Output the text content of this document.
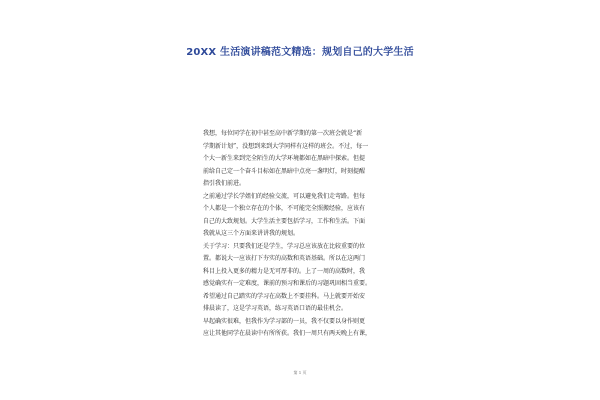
20XX 生活演讲稿范文精选：规划自己的大学生活
我想，每位同学在初中甚至高中新学期的第一次班会就是“新
学期新计划”，没想到来到大学同样有这样的班会。不过，每一
个大一新生来到完全陌生的大学环境都如在黑暗中探索。但提
前给自己定一个奋斗目标如在黑暗中点亮一盏明灯，时刻提醒
指引我们前进。
之前通过学长学姐们的经验交流，可以避免我们走弯路。但每
个人都是一个独立存在的个体，不可能完全照搬经验，应该有
自己的大致规划。大学生活主要包括学习，工作和生活。下面
我就从这三个方面来讲讲我的规划。
关于学习：只要我们还是学生，学习总应该放在比较重要的位
置。都说大一应该打下夯实的高数和英语基础。所以在这两门
科目上投入更多的精力是无可厚非的。上了一周的高数时，我
感觉确实有一定难度，课前的预习和课后的习题巩固相当重要。
希望通过自己踏实的学习在高数上不要挂科。马上就要开始安
排晨读了，这是学习英语，练习英语口语的最佳机会。
早起确实很难，但我作为学习部的一员，我不仅要以身作则更
应让其他同学在晨读中有所所获。我们一周只有两天晚上有课，
第 1 页
